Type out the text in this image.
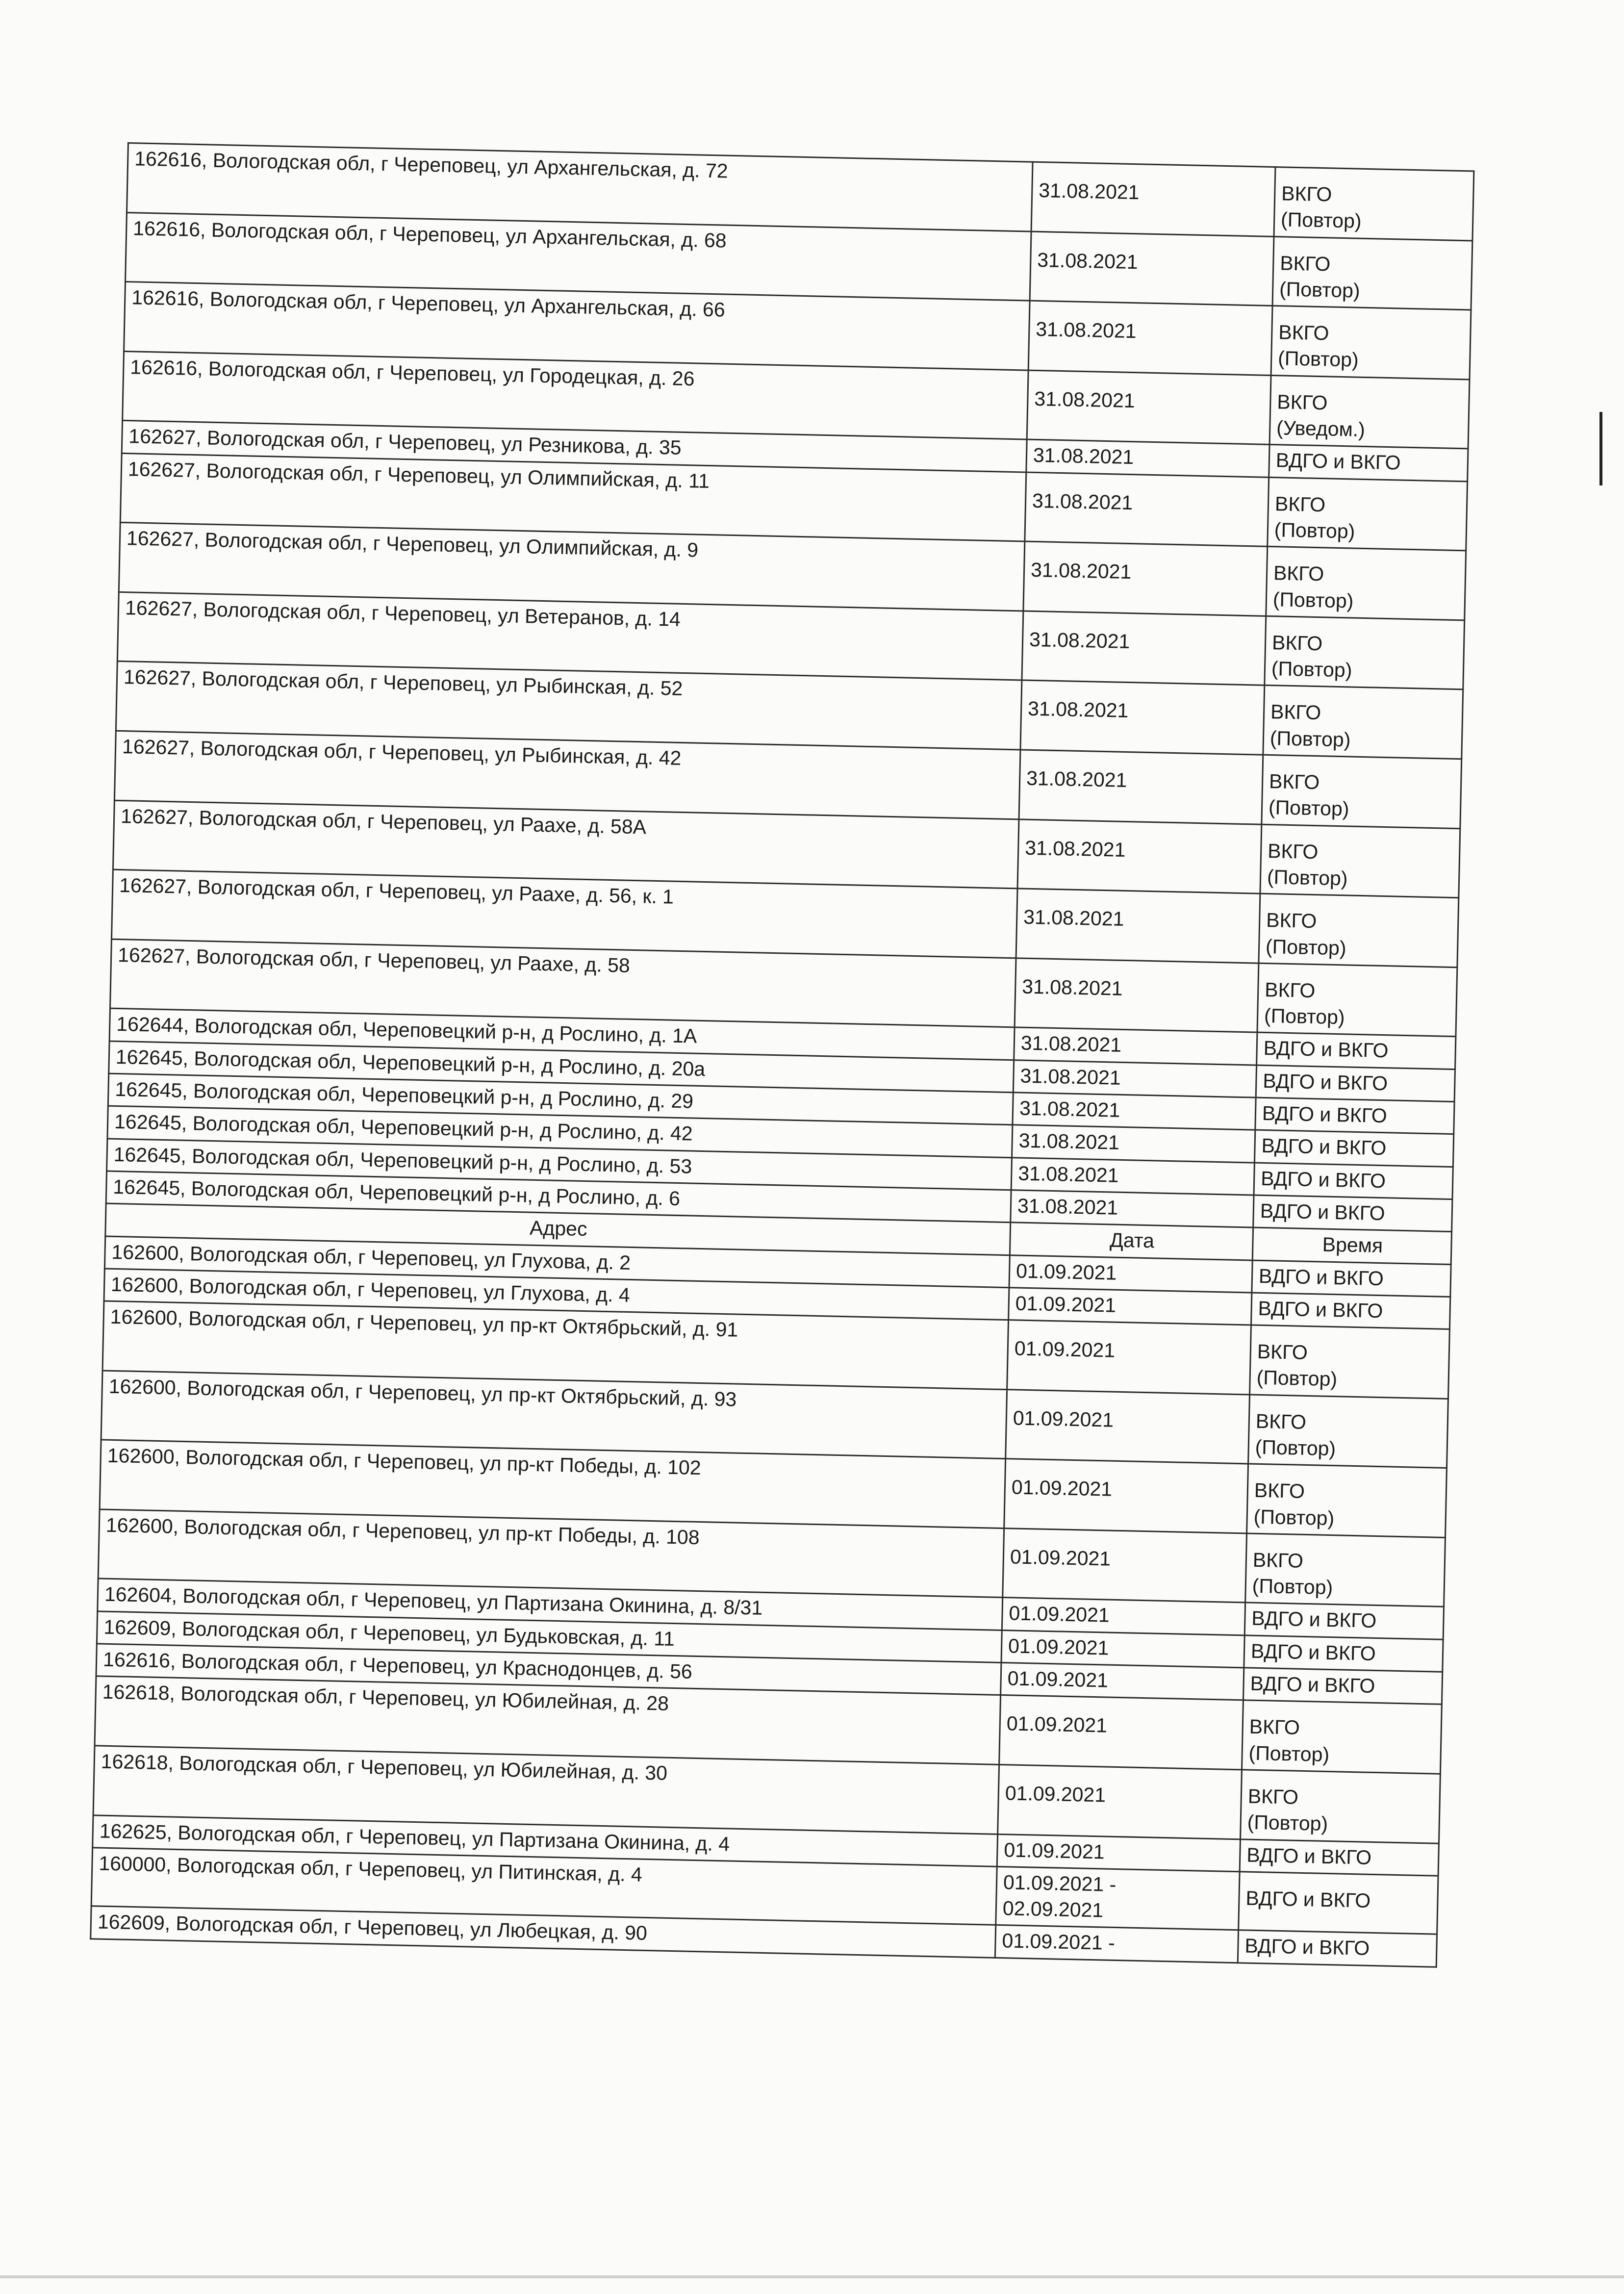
162616, Вологодская обл, г Череповец, ул Архангельская, д. 72	31.08.2021	ВКГО
(Повтор)

162616, Вологодская обл, г Череповец, ул Архангельская, д. 68	31.08.2021	ВКГО
(Повтор)

162616, Вологодская обл, г Череповец, ул Архангельская, д. 66	31.08.2021	ВКГО
(Повтор)

162616, Вологодская обл, г Череповец, ул Городецкая, д. 26	31.08.2021	ВКГО
(Уведом.)

162627, Вологодская обл, г Череповец, ул Резникова, д. 35	31.08.2021	ВДГО и ВКГО

162627, Вологодская обл, г Череповец, ул Олимпийская, д. 11	31.08.2021	ВКГО
(Повтор)

162627, Вологодская обл, г Череповец, ул Олимпийская, д. 9	31.08.2021	ВКГО
(Повтор)

162627, Вологодская обл, г Череповец, ул Ветеранов, д. 14	31.08.2021	ВКГО
(Повтор)

162627, Вологодская обл, г Череповец, ул Рыбинская, д. 52	31.08.2021	ВКГО
(Повтор)

162627, Вологодская обл, г Череповец, ул Рыбинская, д. 42	31.08.2021	ВКГО
(Повтор)

162627, Вологодская обл, г Череповец, ул Раахе, д. 58А	31.08.2021	ВКГО
(Повтор)

162627, Вологодская обл, г Череповец, ул Раахе, д. 56, к. 1	31.08.2021	ВКГО
(Повтор)

162627, Вологодская обл, г Череповец, ул Раахе, д. 58	31.08.2021	ВКГО
(Повтор)

162644, Вологодская обл, Череповецкий р-н, д Рослино, д. 1А	31.08.2021	ВДГО и ВКГО

162645, Вологодская обл, Череповецкий р-н, д Рослино, д. 20а	31.08.2021	ВДГО и ВКГО

162645, Вологодская обл, Череповецкий р-н, д Рослино, д. 29	31.08.2021	ВДГО и ВКГО

162645, Вологодская обл, Череповецкий р-н, д Рослино, д. 42	31.08.2021	ВДГО и ВКГО

162645, Вологодская обл, Череповецкий р-н, д Рослино, д. 53	31.08.2021	ВДГО и ВКГО

162645, Вологодская обл, Череповецкий р-н, д Рослино, д. 6	31.08.2021	ВДГО и ВКГО

Адрес	Дата	Время

162600, Вологодская обл, г Череповец, ул Глухова, д. 2	01.09.2021	ВДГО и ВКГО

162600, Вологодская обл, г Череповец, ул Глухова, д. 4	01.09.2021	ВДГО и ВКГО

162600, Вологодская обл, г Череповец, ул пр-кт Октябрьский, д. 91	01.09.2021	ВКГО
(Повтор)

162600, Вологодская обл, г Череповец, ул пр-кт Октябрьский, д. 93	01.09.2021	ВКГО
(Повтор)

162600, Вологодская обл, г Череповец, ул пр-кт Победы, д. 102	01.09.2021	ВКГО
(Повтор)

162600, Вологодская обл, г Череповец, ул пр-кт Победы, д. 108	01.09.2021	ВКГО
(Повтор)

162604, Вологодская обл, г Череповец, ул Партизана Окинина, д. 8/31	01.09.2021	ВДГО и ВКГО

162609, Вологодская обл, г Череповец, ул Будьковская, д. 11	01.09.2021	ВДГО и ВКГО

162616, Вологодская обл, г Череповец, ул Краснодонцев, д. 56	01.09.2021	ВДГО и ВКГО

162618, Вологодская обл, г Череповец, ул Юбилейная, д. 28	01.09.2021	ВКГО
(Повтор)

162618, Вологодская обл, г Череповец, ул Юбилейная, д. 30	01.09.2021	ВКГО
(Повтор)

162625, Вологодская обл, г Череповец, ул Партизана Окинина, д. 4	01.09.2021	ВДГО и ВКГО

160000, Вологодская обл, г Череповец, ул Питинская, д. 4	01.09.2021 -
02.09.2021	ВДГО и ВКГО

162609, Вологодская обл, г Череповец, ул Любецкая, д. 90	01.09.2021 -	ВДГО и ВКГО
